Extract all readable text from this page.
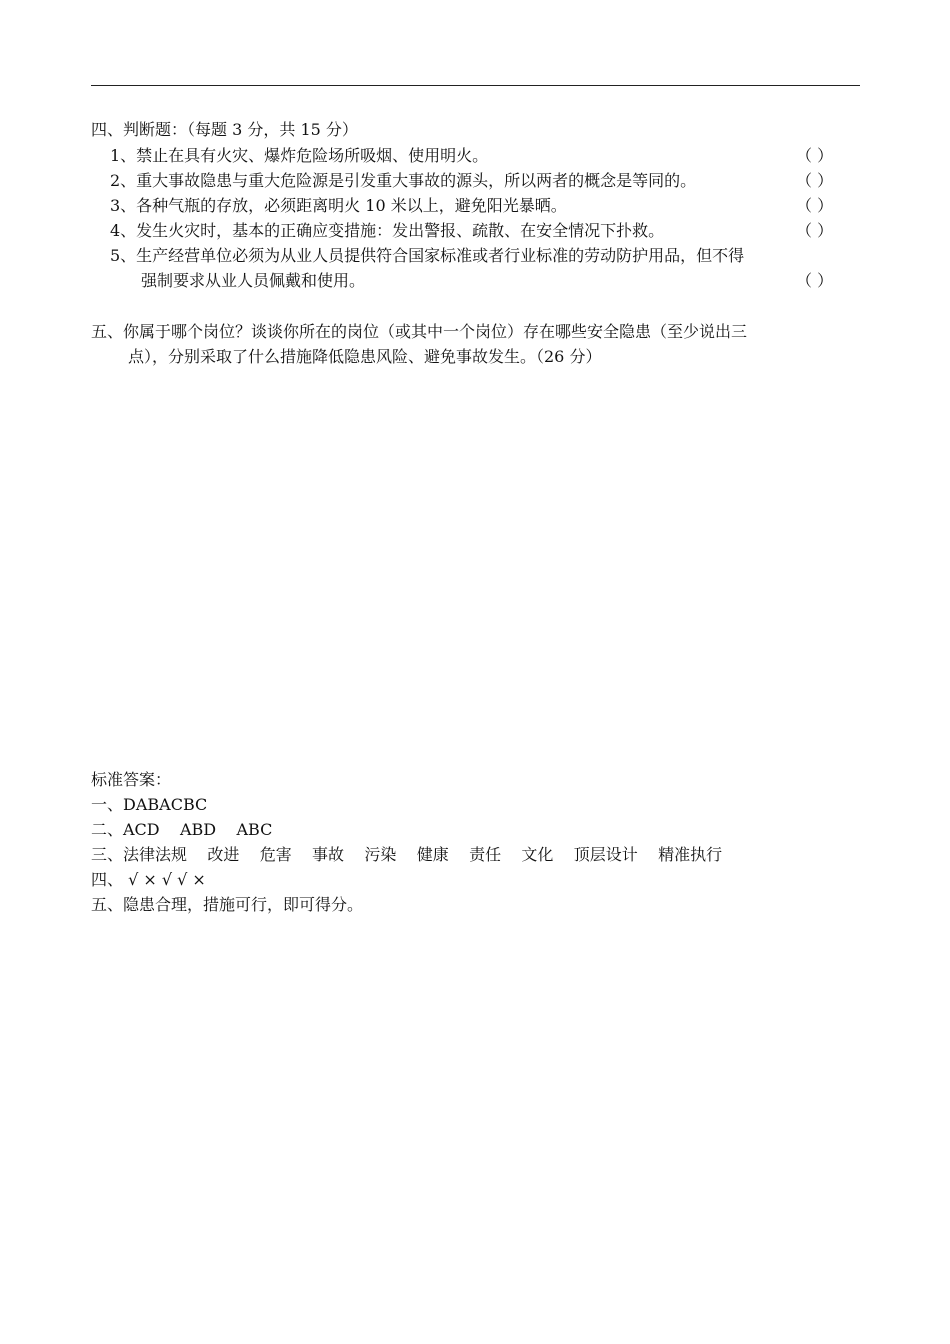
四、判断题：（每题 3 分，共 15 分）
1、禁止在具有火灾、爆炸危险场所吸烟、使用明火。	（ ）
2、重大事故隐患与重大危险源是引发重大事故的源头，所以两者的概念是等同的。	（ ）
3、各种气瓶的存放，必须距离明火 10 米以上，避免阳光暴晒。	（ ）
4、发生火灾时，基本的正确应变措施：发出警报、疏散、在安全情况下扑救。	（ ）
5、生产经营单位必须为从业人员提供符合国家标准或者行业标准的劳动防护用品，但不得
强制要求从业人员佩戴和使用。	（ ）
五、你属于哪个岗位？谈谈你所在的岗位（或其中一个岗位）存在哪些安全隐患（至少说出三
点），分别采取了什么措施降低隐患风险、避免事故发生。（26 分）
标准答案：
一、DABACBC
二、ACD    ABD    ABC
三、法律法规    改进    危害    事故    污染    健康    责任    文化    顶层设计    精准执行
四、 √ × √ √ ×
五、隐患合理，措施可行，即可得分。
